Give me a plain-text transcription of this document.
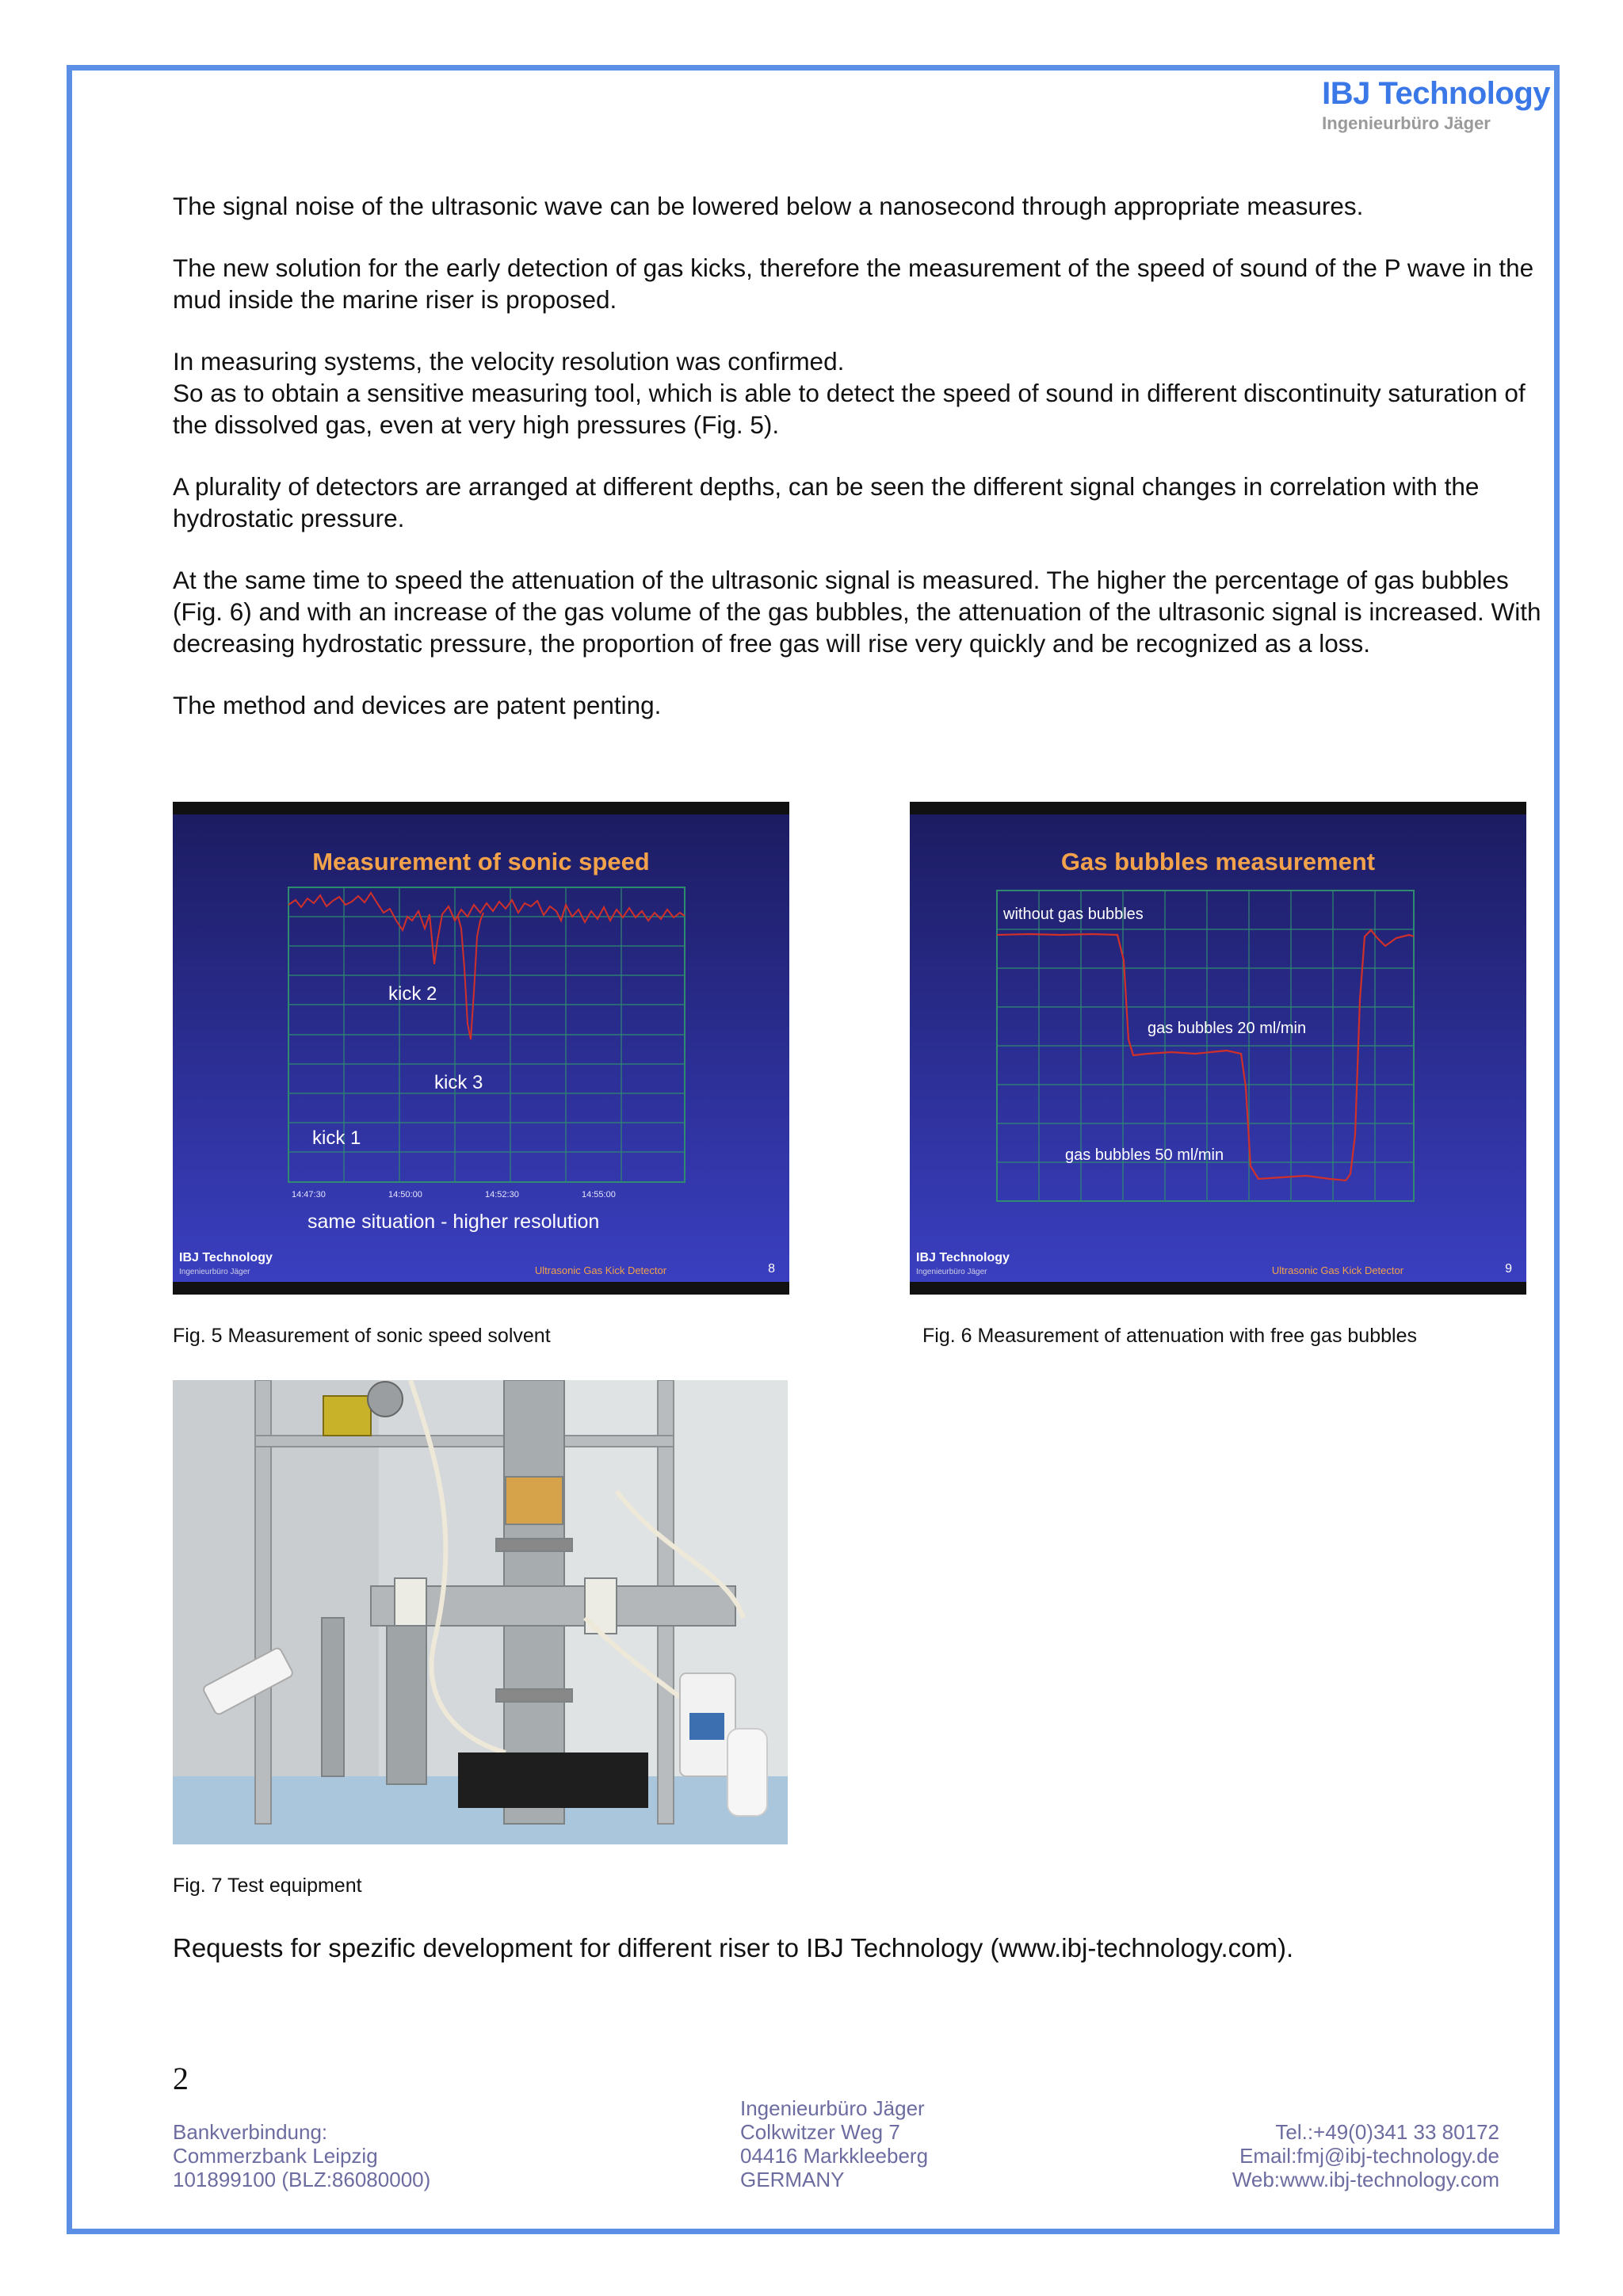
IBJ Technology
Ingenieurbüro Jäger

The signal noise of the ultrasonic wave can be lowered below a nanosecond through appropriate measures.

The new solution for the early detection of gas kicks, therefore the measurement of the speed of sound of the P wave in the mud inside the marine riser is proposed.

In measuring systems, the velocity resolution was confirmed.

So as to obtain a sensitive measuring tool, which is able to detect the speed of sound in different discontinuity saturation of the dissolved gas, even at very high pressures (Fig. 5).

A plurality of detectors are arranged at different depths, can be seen the different signal changes in correlation with the hydrostatic pressure.

At the same time to speed the attenuation of the ultrasonic signal is measured. The higher the percentage of gas bubbles (Fig. 6) and with an increase of the gas volume of the gas bubbles, the attenuation of the ultrasonic signal is increased. With decreasing hydrostatic pressure, the proportion of free gas will rise very quickly and be recognized as a loss.

The method and devices are patent penting.

Measurement of sonic speed
kick 2
kick 3
kick 1
14:47:30	14:50:00	14:52:30	14:55:00
same situation - higher resolution
IBJ Technology
Ingenieurbüro Jäger	Ultrasonic Gas Kick Detector	8
Gas bubbles measurement
without gas bubbles
gas bubbles 20 ml/min
gas bubbles 50 ml/min
IBJ Technology
Ingenieurbüro Jäger	Ultrasonic Gas Kick Detector	9
Fig. 5 Measurement of sonic speed solvent	Fig. 6 Measurement of attenuation with free gas bubbles
Fig. 7 Test equipment
Requests for spezific development for different riser to IBJ Technology (www.ibj-technology.com).
2
Bankverbindung:
Commerzbank Leipzig
101899100 (BLZ:86080000)
Ingenieurbüro Jäger
Colkwitzer Weg 7
04416 Markkleeberg
GERMANY
Tel.:+49(0)341 33 80172
Email:fmj@ibj-technology.de
Web:www.ibj-technology.com
